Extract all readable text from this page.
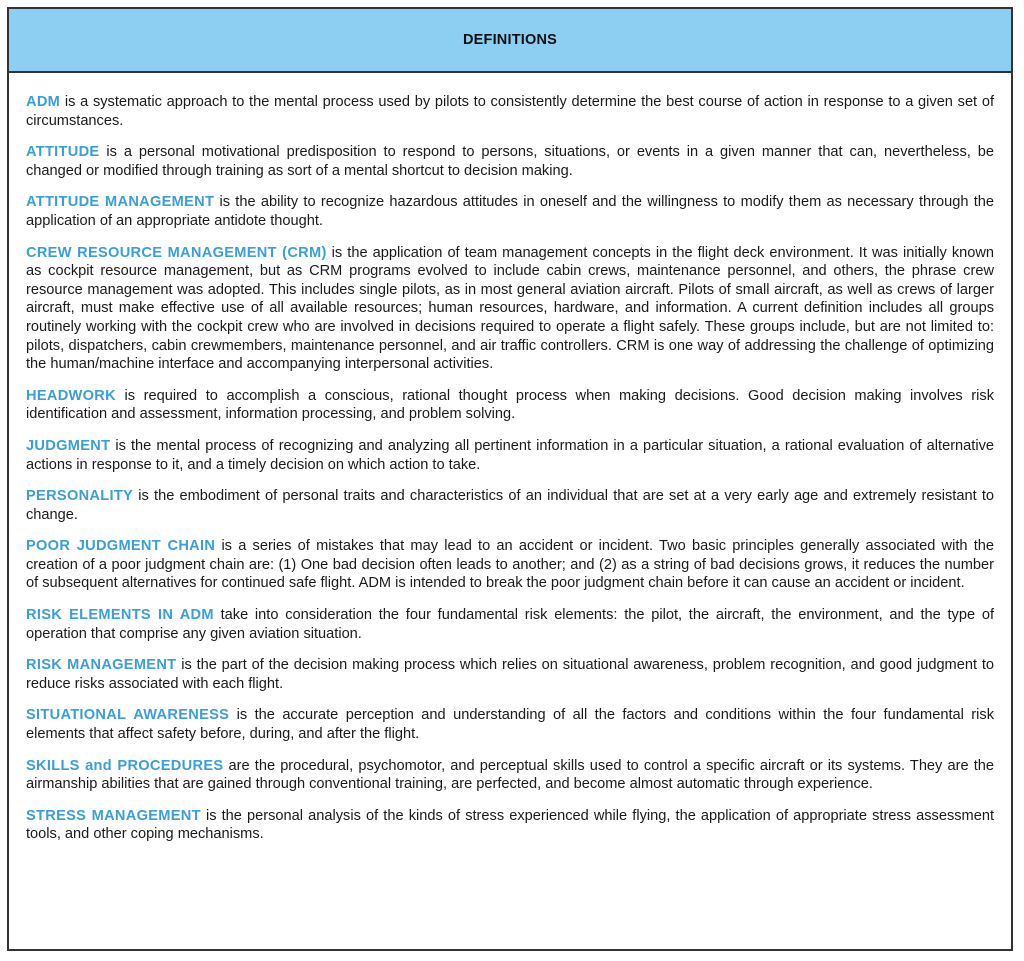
DEFINITIONS

ADM is a systematic approach to the mental process used by pilots to consistently determine the best course of action in response to a given set of circumstances.

ATTITUDE is a personal motivational predisposition to respond to persons, situations, or events in a given manner that can, nevertheless, be changed or modified through training as sort of a mental shortcut to decision making.

ATTITUDE MANAGEMENT is the ability to recognize hazardous attitudes in oneself and the willingness to modify them as necessary through the application of an appropriate antidote thought.

CREW RESOURCE MANAGEMENT (CRM) is the application of team management concepts in the flight deck environment. It was initially known as cockpit resource management, but as CRM programs evolved to include cabin crews, maintenance personnel, and others, the phrase crew resource management was adopted. This includes single pilots, as in most general aviation aircraft. Pilots of small aircraft, as well as crews of larger aircraft, must make effective use of all available resources; human resources, hardware, and information. A current definition includes all groups routinely working with the cockpit crew who are involved in decisions required to operate a flight safely. These groups include, but are not limited to: pilots, dispatchers, cabin crewmembers, maintenance personnel, and air traffic controllers. CRM is one way of addressing the challenge of optimizing the human/machine interface and accompanying interpersonal activities.

HEADWORK is required to accomplish a conscious, rational thought process when making decisions. Good decision making involves risk identification and assessment, information processing, and problem solving.

JUDGMENT is the mental process of recognizing and analyzing all pertinent information in a particular situation, a rational evaluation of alternative actions in response to it, and a timely decision on which action to take.

PERSONALITY is the embodiment of personal traits and characteristics of an individual that are set at a very early age and extremely resistant to change.

POOR JUDGMENT CHAIN is a series of mistakes that may lead to an accident or incident. Two basic principles generally associated with the creation of a poor judgment chain are: (1) One bad decision often leads to another; and (2) as a string of bad decisions grows, it reduces the number of subsequent alternatives for continued safe flight. ADM is intended to break the poor judgment chain before it can cause an accident or incident.

RISK ELEMENTS IN ADM take into consideration the four fundamental risk elements: the pilot, the aircraft, the environment, and the type of operation that comprise any given aviation situation.

RISK MANAGEMENT is the part of the decision making process which relies on situational awareness, problem recognition, and good judgment to reduce risks associated with each flight.

SITUATIONAL AWARENESS is the accurate perception and understanding of all the factors and conditions within the four fundamental risk elements that affect safety before, during, and after the flight.

SKILLS and PROCEDURES are the procedural, psychomotor, and perceptual skills used to control a specific aircraft or its systems. They are the airmanship abilities that are gained through conventional training, are perfected, and become almost automatic through experience.

STRESS MANAGEMENT is the personal analysis of the kinds of stress experienced while flying, the application of appropriate stress assessment tools, and other coping mechanisms.
